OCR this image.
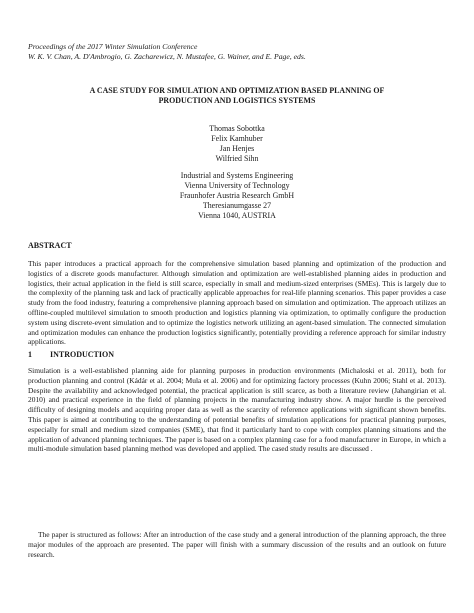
Proceedings of the 2017 Winter Simulation Conference
W. K. V. Chan, A. D'Ambrogio, G. Zacharewicz, N. Mustafee, G. Wainer, and E. Page, eds.
A CASE STUDY FOR SIMULATION AND OPTIMIZATION BASED PLANNING OF
PRODUCTION AND LOGISTICS SYSTEMS
Thomas Sobottka
Felix Kamhuber
Jan Henjes
Wilfried Sihn
Industrial and Systems Engineering
Vienna University of Technology
Fraunhofer Austria Research GmbH
Theresianumgasse 27
Vienna 1040, AUSTRIA
ABSTRACT

This paper introduces a practical approach for the comprehensive simulation based planning and optimization of the production and logistics of a discrete goods manufacturer. Although simulation and optimization are well-established planning aides in production and logistics, their actual application in the field is still scarce, especially in small and medium-sized enterprises (SMEs). This is largely due to the complexity of the planning task and lack of practically applicable approaches for real-life planning scenarios. This paper provides a case study from the food industry, featuring a comprehensive planning approach based on simulation and optimization. The approach utilizes an offline-coupled multilevel simulation to smooth production and logistics planning via optimization, to optimally configure the production system using discrete-event simulation and to optimize the logistics network utilizing an agent-based simulation. The connected simulation and optimization modules can enhance the production logistics significantly, potentially providing a reference approach for similar industry applications.

1 INTRODUCTION

Simulation is a well-established planning aide for planning purposes in production environments (Michaloski et al. 2011), both for production planning and control (Kádár et al. 2004; Mula et al. 2006) and for optimizing factory processes (Kuhn 2006; Stahl et al. 2013). Despite the availability and acknowledged potential, the practical application is still scarce, as both a literature review (Jahangirian et al. 2010) and practical experience in the field of planning projects in the manufacturing industry show. A major hurdle is the perceived difficulty of designing models and acquiring proper data as well as the scarcity of reference applications with significant shown benefits. This paper is aimed at contributing to the understanding of potential benefits of simulation applications for practical planning purposes, especially for small and medium sized companies (SME), that find it particularly hard to cope with complex planning situations and the application of advanced planning techniques. The paper is based on a complex planning case for a food manufacturer in Europe, in which a multi-module simulation based planning method was developed and applied. The cased study results are discussed .

The paper is structured as follows: After an introduction of the case study and a general introduction of the planning approach, the three major modules of the approach are presented. The paper will finish with a summary discussion of the results and an outlook on future research.
